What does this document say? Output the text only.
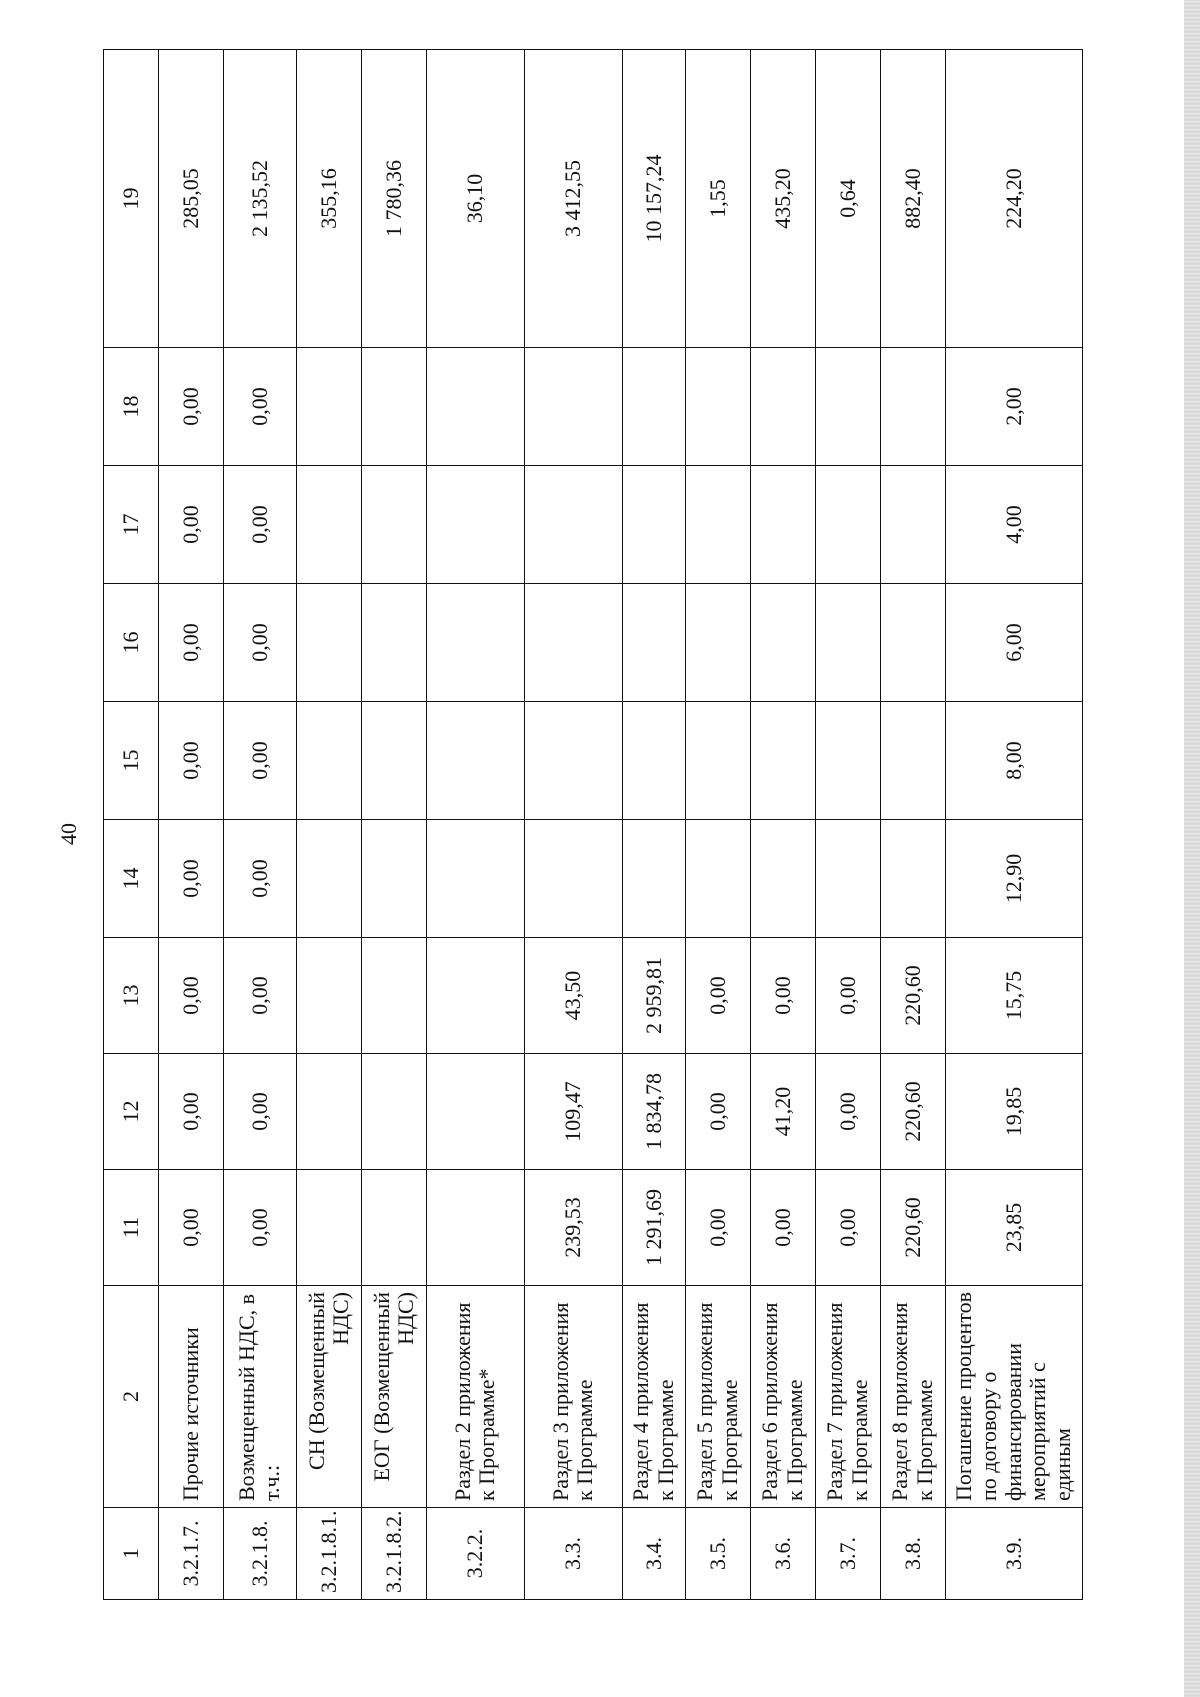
40
1	2	11	12	13	14	15	16	17	18	19
3.2.1.7.	Прочие источники	0,00	0,00	0,00	0,00	0,00	0,00	0,00	0,00	285,05
3.2.1.8.	Возмещенный НДС, в т.ч.:	0,00	0,00	0,00	0,00	0,00	0,00	0,00	0,00	2 135,52
3.2.1.8.1.	СН (Возмещенный НДС)									355,16
3.2.1.8.2.	ЕОГ (Возмещенный НДС)									1 780,36
3.2.2.	Раздел 2 приложения к Программе*									36,10
3.3.	Раздел 3 приложения к Программе	239,53	109,47	43,50						3 412,55
3.4.	Раздел 4 приложения к Программе	1 291,69	1 834,78	2 959,81						10 157,24
3.5.	Раздел 5 приложения к Программе	0,00	0,00	0,00						1,55
3.6.	Раздел 6 приложения к Программе	0,00	41,20	0,00						435,20
3.7.	Раздел 7 приложения к Программе	0,00	0,00	0,00						0,64
3.8.	Раздел 8 приложения к Программе	220,60	220,60	220,60						882,40
3.9.	Погашение процентов по договору о финансировании мероприятий с единым	23,85	19,85	15,75	12,90	8,00	6,00	4,00	2,00	224,20
